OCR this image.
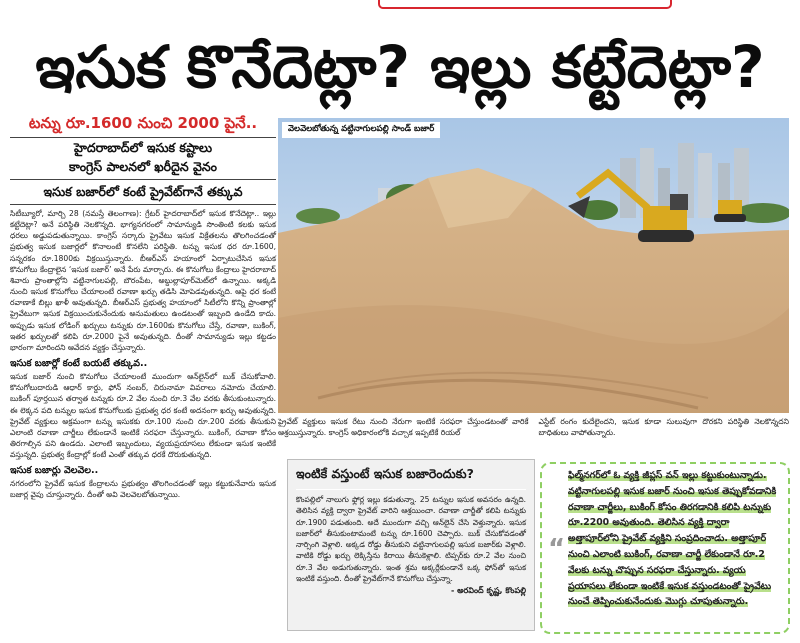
ఇసుక కొనేదెట్లా? ఇల్లు కట్టేదెట్లా?
టన్ను రూ.1600 నుంచి 2000 పైనే..
హైదరాబాద్‌లో ఇసుక కష్టాలు
కాంగ్రెస్ పాలనలో ఖరీదైన వైనం
ఇసుక బజార్‌లో కంటే ప్రైవేట్‌గానే తక్కువ
సిటీబ్యూరో, మార్చి 28 (నమస్తే తెలంగాణ): గ్రేటర్ హైదరాబాద్‌లో ఇసుక కొనేదెట్లా.. ఇల్లు కట్టేదెట్లా? అనే పరిస్థితి నెలకొన్నది. భాగ్యనగరంలో సామాన్యుడి సొంతింటి కలకు ఇసుక ధరలు అడ్డుపడుతున్నాయి. కాంగ్రెస్ సర్కారు ప్రైవేటు ఇసుక విక్రేతలను తొలగించడంతో ప్రభుత్వ ఇసుక బజార్లలో కొనాలంటే కొనలేని పరిస్థితి. టన్ను ఇసుక ధర రూ.1600, సన్నరకం రూ.1800కు విక్రయిస్తున్నారు. బీఆర్ఎస్ హయాంలో ఏర్పాటుచేసిన ఇసుక కొనుగోలు కేంద్రాలైన ‘ఇసుక బజార్’ అనే పేరు మార్చారు. ఈ కొనుగోలు కేంద్రాలు హైదరాబాద్ శివారు ప్రాంతాల్లోని వట్టినాగులపల్లి, బౌరంపేట, అబ్దుల్లాపూర్‌మెట్‌లో ఉన్నాయి. అక్కడి నుంచి ఇసుక కొనుగోలు చేయాలంటే రవాణా ఖర్చు తడిసి మోపెడవుతున్నది. ఆపై ధర కంటే రవాణాకే బిల్లు ఖాళీ అవుతున్నది. బీఆర్ఎస్ ప్రభుత్వ హయాంలో సిటీలోని కొన్ని ప్రాంతాల్లో ప్రైవేటుగా ఇసుక విక్రయించుకునేందుకు అనుమతులు ఉండటంతో ఇబ్బంది ఉండేది కాదు. అప్పుడు ఇసుక లోడింగ్ ఖర్చులు టన్నుకు రూ.1600కు కొనుగోలు చేస్తే, రవాణా, బుకింగ్, ఇతర ఖర్చులతో కలిపి రూ.2000 పైనే అవుతున్నది. దీంతో సామాన్యుడు ఇల్లు కట్టడం భారంగా మారిందని ఆవేదన వ్యక్తం చేస్తున్నారు.
ఇసుక బజార్లో కంటే బయటే తక్కువ..
ఇసుక బజార్ నుంచి కొనుగోలు చేయాలంటే ముందుగా ఆన్‌లైన్‌లో బుక్ చేసుకోవాలి. కొనుగోలుదారుడి ఆధార్ కార్డు, ఫోన్ నంబర్, చిరునామా వివరాలు నమోదు చేయాలి. బుకింగ్ పూర్తయిన తర్వాత టన్నుకు రూ.2 వేల నుంచి రూ.3 వేల వరకు తీసుకుంటున్నారు. ఈ లెక్కన పది టన్నుల ఇసుక కొనుగోలుకు ప్రభుత్వ ధర కంటే అదనంగా ఖర్చు అవుతున్నది. ప్రైవేట్ వ్యక్తులు అక్రమంగా టన్ను ఇసుకకు రూ.100 నుంచి రూ.200 వరకు తీసుకుని ఎలాంటి రవాణా చార్జీలు లేకుండానే ఇంటికే సరఫరా చేస్తున్నారు. బుకింగ్, రవాణా కోసం తిరగాల్సిన పని ఉండదు. ఎలాంటి ఇబ్బందులు, వ్యయప్రయాసలు లేకుండా ఇసుక ఇంటికే వస్తున్నది. ప్రభుత్వ కేంద్రాల్లో కంటే ఎంతో తక్కువ ధరకే దొరుకుతున్నది.
ఇసుక బజార్లు వెలవెల..
నగరంలోని ప్రైవేట్ ఇసుక కేంద్రాలను ప్రభుత్వం తొలగించడంతో ఇల్లు కట్టుకునేవారు ఇసుక బజార్ల వైపు చూస్తున్నారు. దీంతో అవి వెలవెలబోతున్నాయి.
వెలవెలబోతున్న వట్టినాగులపల్లి సాండ్ బజార్
ప్రైవేట్ వ్యక్తులు ఇసుక రేటు నుంచి నేరుగా ఇంటికే సరఫరా చేస్తుండటంతో వారికే ఆశ్రయిస్తున్నారు. కాంగ్రెస్ అధికారంలోకి వచ్చాక ఇప్పటికే రియల్
ఎస్టేట్ రంగం కుదేలైందని, ఇసుక కూడా సులువుగా దొరకని పరిస్థితి నెలకొన్నదని బాధితులు వాపోతున్నారు.
ఇంటికే వస్తుంటే ఇసుక బజారెందుకు?
కొంపల్లిలో నాలుగు ఫ్లోర్ల ఇల్లు కడుతున్నా. 25 టన్నుల ఇసుక అవసరం ఉన్నది. తెలిసిన వ్యక్తి ద్వారా ప్రైవేట్ వారిని ఆశ్రయించా. రవాణా చార్జీతో కలిపి టన్నుకు రూ.1900 పడుతుంది. అదే ముందుగా వచ్చి ఆన్‌లైన్ చేసి వెళ్తున్నారు. ఇసుక బజార్‌లో తీసుకుంటామంటే టన్ను రూ.1600 చెప్పారు. బుక్ చేసుకోవడంతో నార్సింగి వెళ్లాలి. అక్కడ రోడ్డు తీసుకుని వట్టినాగులపల్లి ఇసుక బజార్‌కు వెళ్లాలి. వాటికి రోడ్డు ఖర్చు లెక్కిస్తేను కిరాయి తీసుకెళ్లాలి. టిప్పర్‌కు రూ.2 వేల నుంచి రూ.3 వేల అడుగుతున్నారు. ఇంత శ్రమ అక్కర్లేకుండానే ఒక్క ఫోన్‌తో ఇసుక ఇంటికే వస్తుంది. దీంతో ప్రైవేట్‌గానే కొనుగోలు చేస్తున్నా.
- అరవింద్ కృష్ణ, కొంపల్లి
“
ఫిల్మ్‌నగర్‌లో ఓ వ్యక్తి జీప్లస్ వన్ ఇల్లు కట్టుకుంటున్నాడు. వట్టినాగులపల్లి ఇసుక బజార్ నుంచి ఇసుక తెప్పుకోవడానికి రవాణా చార్జీలు, బుకింగ్ కోసం తిరగడానికి కలిపి టన్నుకు రూ.2200 అవుతుంది. తెలిసిన వ్యక్తి ద్వారా అత్తాపూర్‌లోని ప్రైవేట్ వ్యక్తిని సంప్రదించాడు. అత్తాపూర్ నుంచి ఎలాంటి బుకింగ్, రవాణా చార్జీ లేకుండానే రూ.2 వేలకు టన్ను చొప్పున సరఫరా చేస్తున్నారు. వ్యయ ప్రయాసలు లేకుండా ఇంటికే ఇసుక వస్తుండటంతో ప్రైవేటు నుంచే తెప్పించుకునేందుకు మొగ్గు చూపుతున్నారు.
